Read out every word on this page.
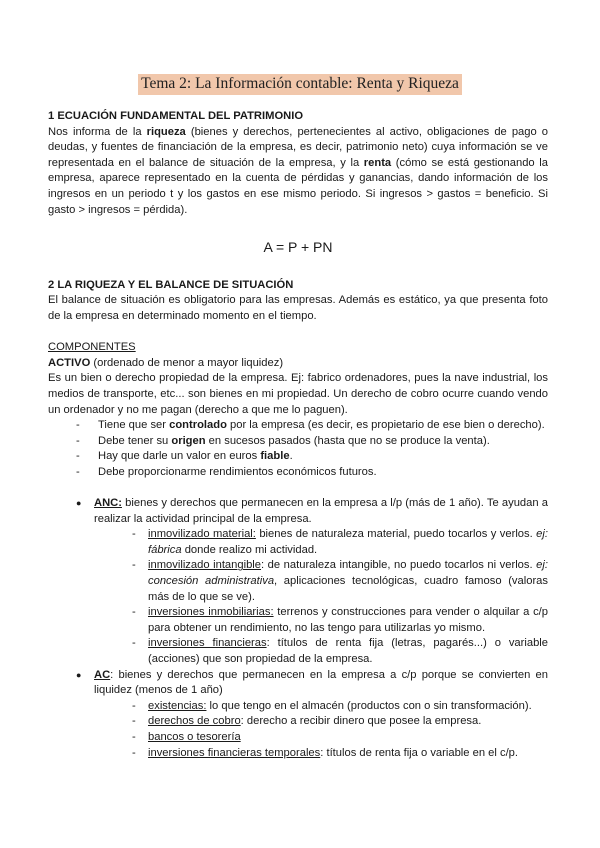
Tema 2: La Información contable: Renta y Riqueza
1 ECUACIÓN FUNDAMENTAL DEL PATRIMONIO

Nos informa de la riqueza (bienes y derechos, pertenecientes al activo, obligaciones de pago o deudas, y fuentes de financiación de la empresa, es decir, patrimonio neto) cuya información se ve representada en el balance de situación de la empresa, y la renta (cómo se está gestionando la empresa, aparece representado en la cuenta de pérdidas y ganancias, dando información de los ingresos en un periodo t y los gastos en ese mismo periodo. Si ingresos > gastos = beneficio. Si gasto > ingresos = pérdida).

A = P + PN
2 LA RIQUEZA Y EL BALANCE DE SITUACIÓN

El balance de situación es obligatorio para las empresas. Además es estático, ya que presenta foto de la empresa en determinado momento en el tiempo.

COMPONENTES

ACTIVO (ordenado de menor a mayor liquidez)

Es un bien o derecho propiedad de la empresa. Ej: fabrico ordenadores, pues la nave industrial, los medios de transporte, etc... son bienes en mi propiedad. Un derecho de cobro ocurre cuando vendo un ordenador y no me pagan (derecho a que me lo paguen).

- Tiene que ser controlado por la empresa (es decir, es propietario de ese bien o derecho).
- Debe tener su origen en sucesos pasados (hasta que no se produce la venta).
- Hay que darle un valor en euros fiable.
- Debe proporcionarme rendimientos económicos futuros.
● ANC: bienes y derechos que permanecen en la empresa a l/p (más de 1 año). Te ayudan a realizar la actividad principal de la empresa.
- inmovilizado material: bienes de naturaleza material, puedo tocarlos y verlos. ej: fábrica donde realizo mi actividad.
- inmovilizado intangible: de naturaleza intangible, no puedo tocarlos ni verlos. ej: concesión administrativa, aplicaciones tecnológicas, cuadro famoso (valoras más de lo que se ve).
- inversiones inmobiliarias: terrenos y construcciones para vender o alquilar a c/p para obtener un rendimiento, no las tengo para utilizarlas yo mismo.
- inversiones financieras: títulos de renta fija (letras, pagarés...) o variable (acciones) que son propiedad de la empresa.
● AC: bienes y derechos que permanecen en la empresa a c/p porque se convierten en liquidez (menos de 1 año)
- existencias: lo que tengo en el almacén (productos con o sin transformación).
- derechos de cobro: derecho a recibir dinero que posee la empresa.
- bancos o tesorería
- inversiones financieras temporales: títulos de renta fija o variable en el c/p.
